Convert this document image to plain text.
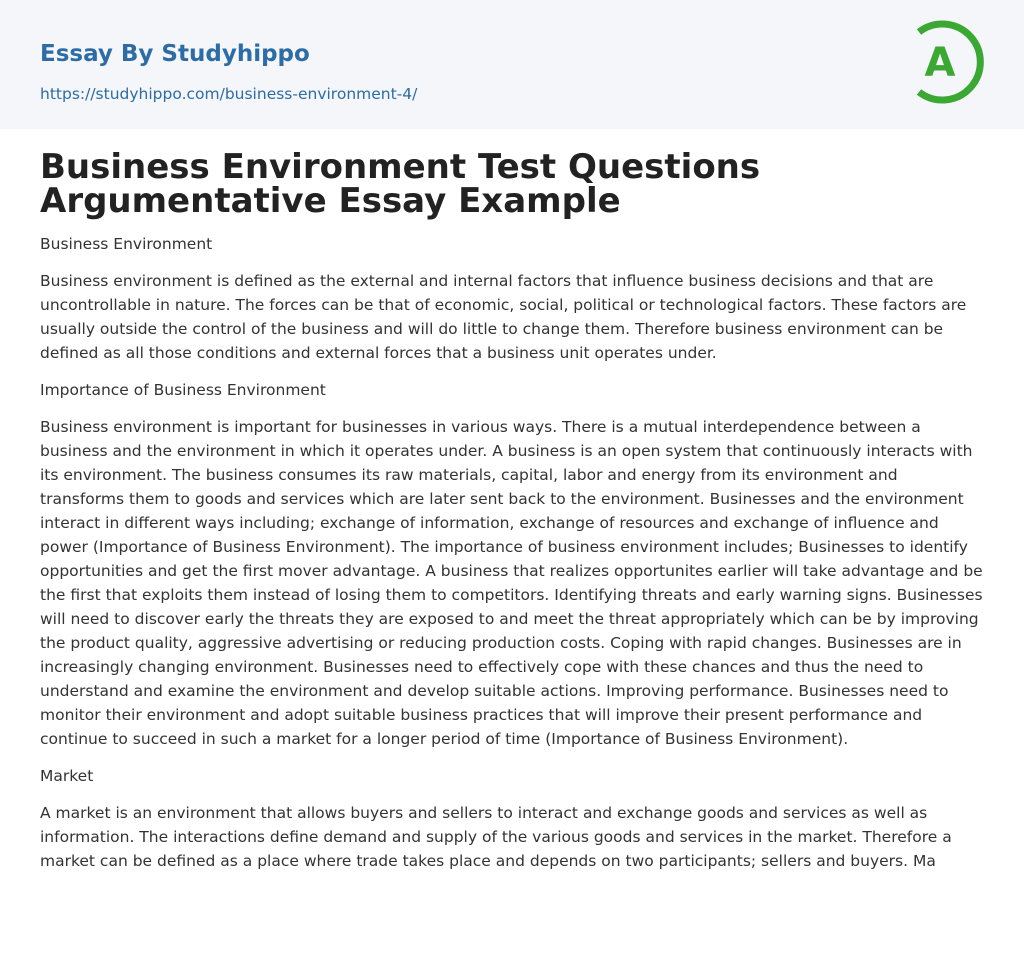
Essay By Studyhippo
https://studyhippo.com/business-environment-4/
A
Business Environment Test Questions
Argumentative Essay Example

Business Environment

Business environment is defined as the external and internal factors that influence business decisions and that are uncontrollable in nature. The forces can be that of economic, social, political or technological factors. These factors are usually outside the control of the business and will do little to change them. Therefore business environment can be defined as all those conditions and external forces that a business unit operates under.

Importance of Business Environment

Business environment is important for businesses in various ways. There is a mutual interdependence between a business and the environment in which it operates under. A business is an open system that continuously interacts with its environment. The business consumes its raw materials, capital, labor and energy from its environment and transforms them to goods and services which are later sent back to the environment. Businesses and the environment interact in different ways including; exchange of information, exchange of resources and exchange of influence and power (Importance of Business Environment). The importance of business environment includes; Businesses to identify opportunities and get the first mover advantage. A business that realizes opportunites earlier will take advantage and be the first that exploits them instead of losing them to competitors. Identifying threats and early warning signs. Businesses will need to discover early the threats they are exposed to and meet the threat appropriately which can be by improving the product quality, aggressive advertising or reducing production costs. Coping with rapid changes. Businesses are in increasingly changing environment. Businesses need to effectively cope with these chances and thus the need to understand and examine the environment and develop suitable actions. Improving performance. Businesses need to monitor their environment and adopt suitable business practices that will improve their present performance and continue to succeed in such a market for a longer period of time (Importance of Business Environment).

Market

A market is an environment that allows buyers and sellers to interact and exchange goods and services as well as information. The interactions define demand and supply of the various goods and services in the market. Therefore a market can be defined as a place where trade takes place and depends on two participants; sellers and buyers. Ma
